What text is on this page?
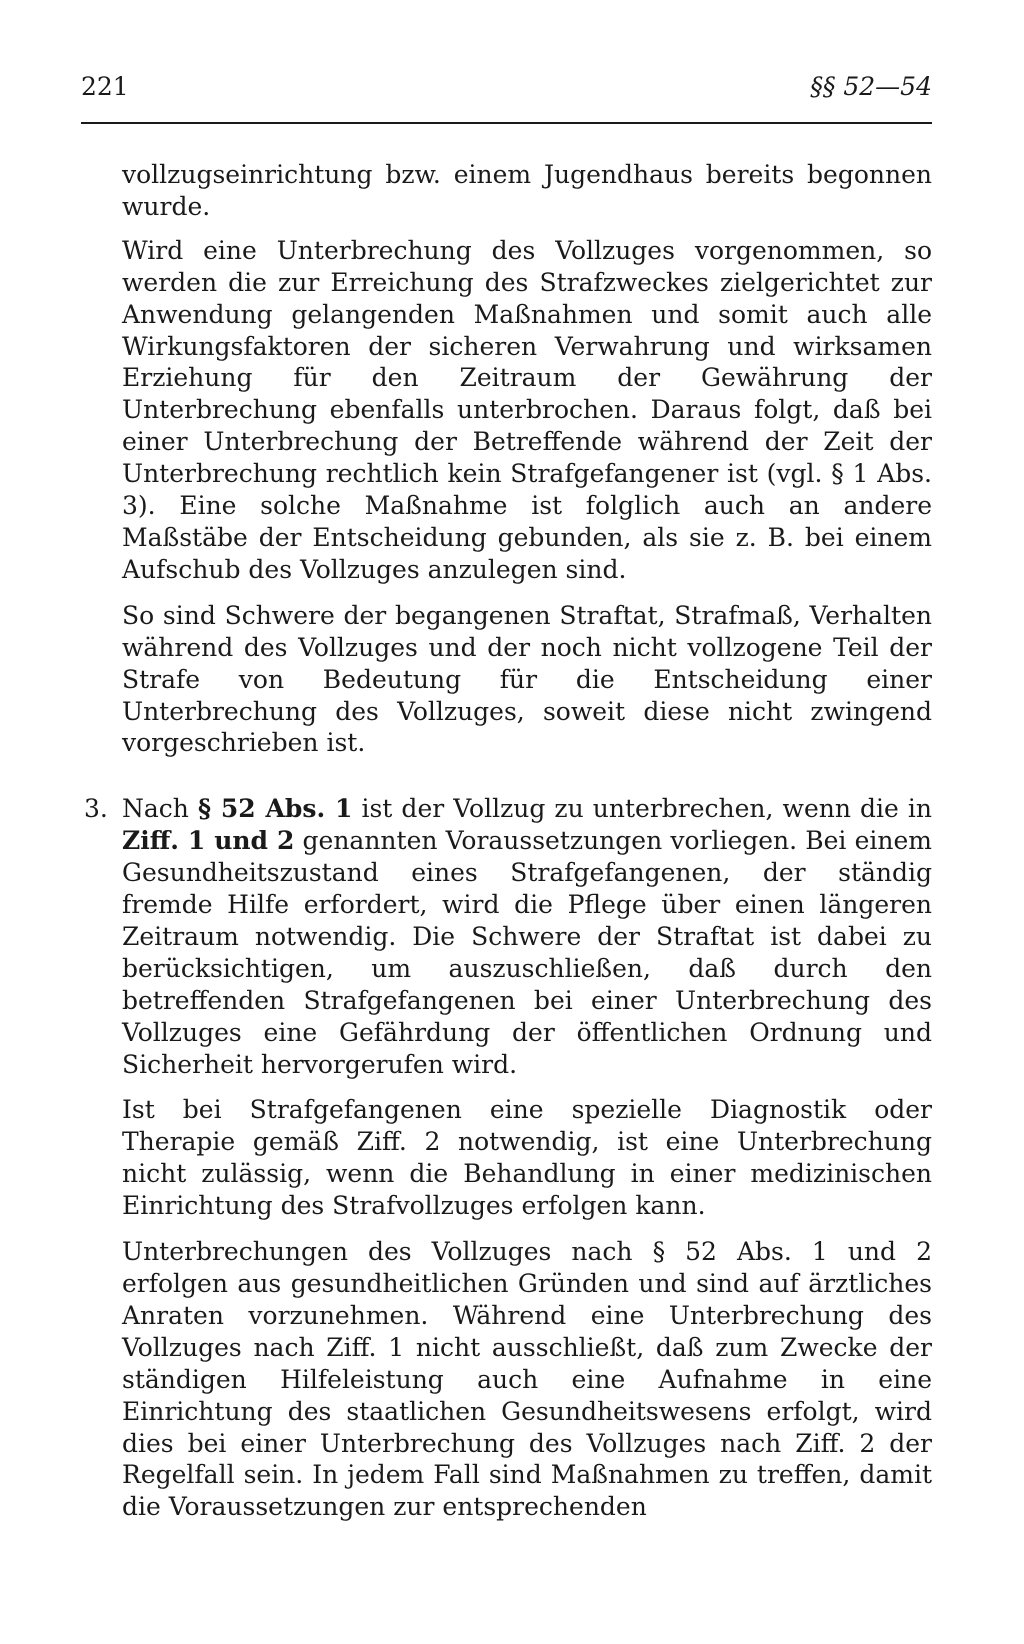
221	§§ 52—54

vollzugseinrichtung bzw. einem Jugendhaus bereits begonnen wurde.

Wird eine Unterbrechung des Vollzuges vorgenommen, so werden die zur Erreichung des Strafzweckes zielgerichtet zur Anwendung gelangenden Maßnahmen und somit auch alle Wirkungsfaktoren der sicheren Verwahrung und wirksamen Erziehung für den Zeitraum der Gewährung der Unterbrechung ebenfalls unterbrochen. Daraus folgt, daß bei einer Unterbrechung der Betreffende während der Zeit der Unterbrechung rechtlich kein Strafgefangener ist (vgl. § 1 Abs. 3). Eine solche Maßnahme ist folglich auch an andere Maßstäbe der Entscheidung gebunden, als sie z. B. bei einem Aufschub des Vollzuges anzulegen sind.

So sind Schwere der begangenen Straftat, Strafmaß, Verhalten während des Vollzuges und der noch nicht vollzogene Teil der Strafe von Bedeutung für die Entscheidung einer Unterbrechung des Vollzuges, soweit diese nicht zwingend vorgeschrieben ist.

3. Nach § 52 Abs. 1 ist der Vollzug zu unterbrechen, wenn die in Ziff. 1 und 2 genannten Voraussetzungen vorliegen. Bei einem Gesundheitszustand eines Strafgefangenen, der ständig fremde Hilfe erfordert, wird die Pflege über einen längeren Zeitraum notwendig. Die Schwere der Straftat ist dabei zu berücksichtigen, um auszuschließen, daß durch den betreffenden Strafgefangenen bei einer Unterbrechung des Vollzuges eine Gefährdung der öffentlichen Ordnung und Sicherheit hervorgerufen wird.

Ist bei Strafgefangenen eine spezielle Diagnostik oder Therapie gemäß Ziff. 2 notwendig, ist eine Unterbrechung nicht zulässig, wenn die Behandlung in einer medizinischen Einrichtung des Strafvollzuges erfolgen kann.

Unterbrechungen des Vollzuges nach § 52 Abs. 1 und 2 erfolgen aus gesundheitlichen Gründen und sind auf ärztliches Anraten vorzunehmen. Während eine Unterbrechung des Vollzuges nach Ziff. 1 nicht ausschließt, daß zum Zwecke der ständigen Hilfeleistung auch eine Aufnahme in eine Einrichtung des staatlichen Gesundheitswesens erfolgt, wird dies bei einer Unterbrechung des Vollzuges nach Ziff. 2 der Regelfall sein. In jedem Fall sind Maßnahmen zu treffen, damit die Voraussetzungen zur entsprechenden
